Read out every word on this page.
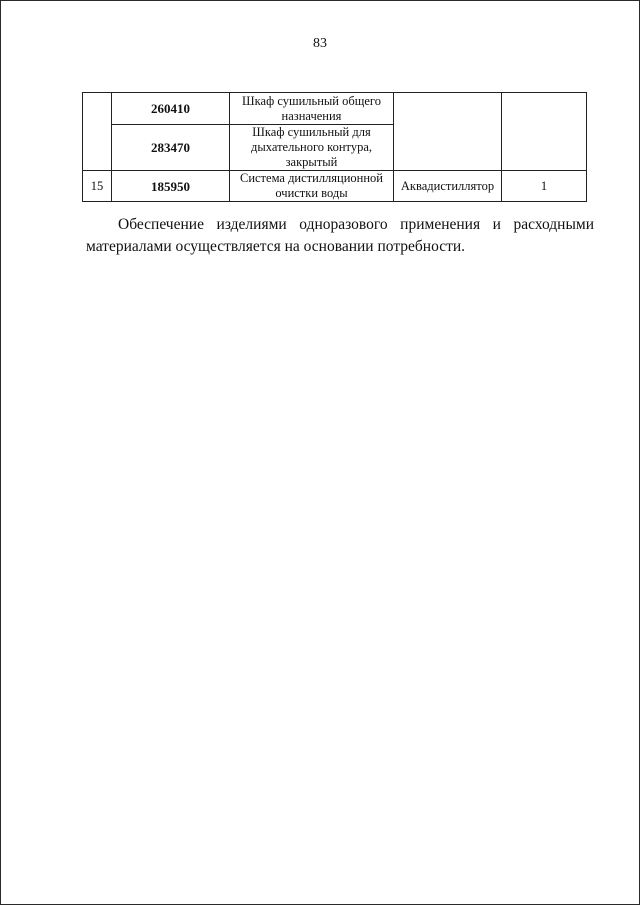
83
	260410	Шкаф сушильный общего назначения		
	283470	Шкаф сушильный для дыхательного контура, закрытый		
15	185950	Система дистилляционной очистки воды	Аквадистиллятор	1

Обеспечение изделиями одноразового применения и расходными материалами осуществляется на основании потребности.
